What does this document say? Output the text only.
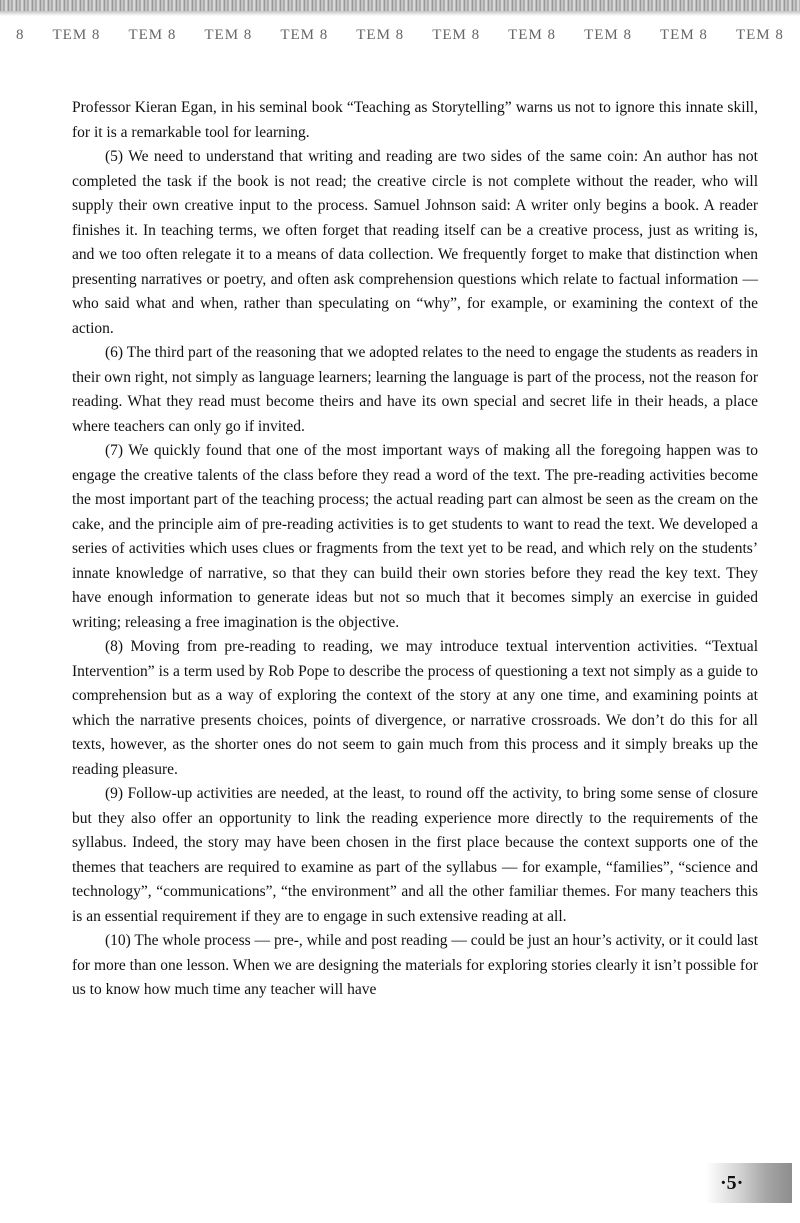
8 TEM 8 TEM 8 TEM 8 TEM 8 TEM 8 TEM 8 TEM 8 TEM 8 TEM 8 TEM 8

Professor Kieran Egan, in his seminal book “Teaching as Storytelling” warns us not to ignore this innate skill, for it is a remarkable tool for learning.

(5) We need to understand that writing and reading are two sides of the same coin: An author has not completed the task if the book is not read; the creative circle is not complete without the reader, who will supply their own creative input to the process. Samuel Johnson said: A writer only begins a book. A reader finishes it. In teaching terms, we often forget that reading itself can be a creative process, just as writing is, and we too often relegate it to a means of data collection. We frequently forget to make that distinction when presenting narratives or poetry, and often ask comprehension questions which relate to factual information — who said what and when, rather than speculating on “why”, for example, or examining the context of the action.

(6) The third part of the reasoning that we adopted relates to the need to engage the students as readers in their own right, not simply as language learners; learning the language is part of the process, not the reason for reading. What they read must become theirs and have its own special and secret life in their heads, a place where teachers can only go if invited.

(7) We quickly found that one of the most important ways of making all the foregoing happen was to engage the creative talents of the class before they read a word of the text. The pre-reading activities become the most important part of the teaching process; the actual reading part can almost be seen as the cream on the cake, and the principle aim of pre-reading activities is to get students to want to read the text. We developed a series of activities which uses clues or fragments from the text yet to be read, and which rely on the students’ innate knowledge of narrative, so that they can build their own stories before they read the key text. They have enough information to generate ideas but not so much that it becomes simply an exercise in guided writing; releasing a free imagination is the objective.

(8) Moving from pre-reading to reading, we may introduce textual intervention activities. “Textual Intervention” is a term used by Rob Pope to describe the process of questioning a text not simply as a guide to comprehension but as a way of exploring the context of the story at any one time, and examining points at which the narrative presents choices, points of divergence, or narrative crossroads. We don’t do this for all texts, however, as the shorter ones do not seem to gain much from this process and it simply breaks up the reading pleasure.

(9) Follow-up activities are needed, at the least, to round off the activity, to bring some sense of closure but they also offer an opportunity to link the reading experience more directly to the requirements of the syllabus. Indeed, the story may have been chosen in the first place because the context supports one of the themes that teachers are required to examine as part of the syllabus — for example, “families”, “science and technology”, “communications”, “the environment” and all the other familiar themes. For many teachers this is an essential requirement if they are to engage in such extensive reading at all.

(10) The whole process — pre-, while and post reading — could be just an hour’s activity, or it could last for more than one lesson. When we are designing the materials for exploring stories clearly it isn’t possible for us to know how much time any teacher will have

·5·
